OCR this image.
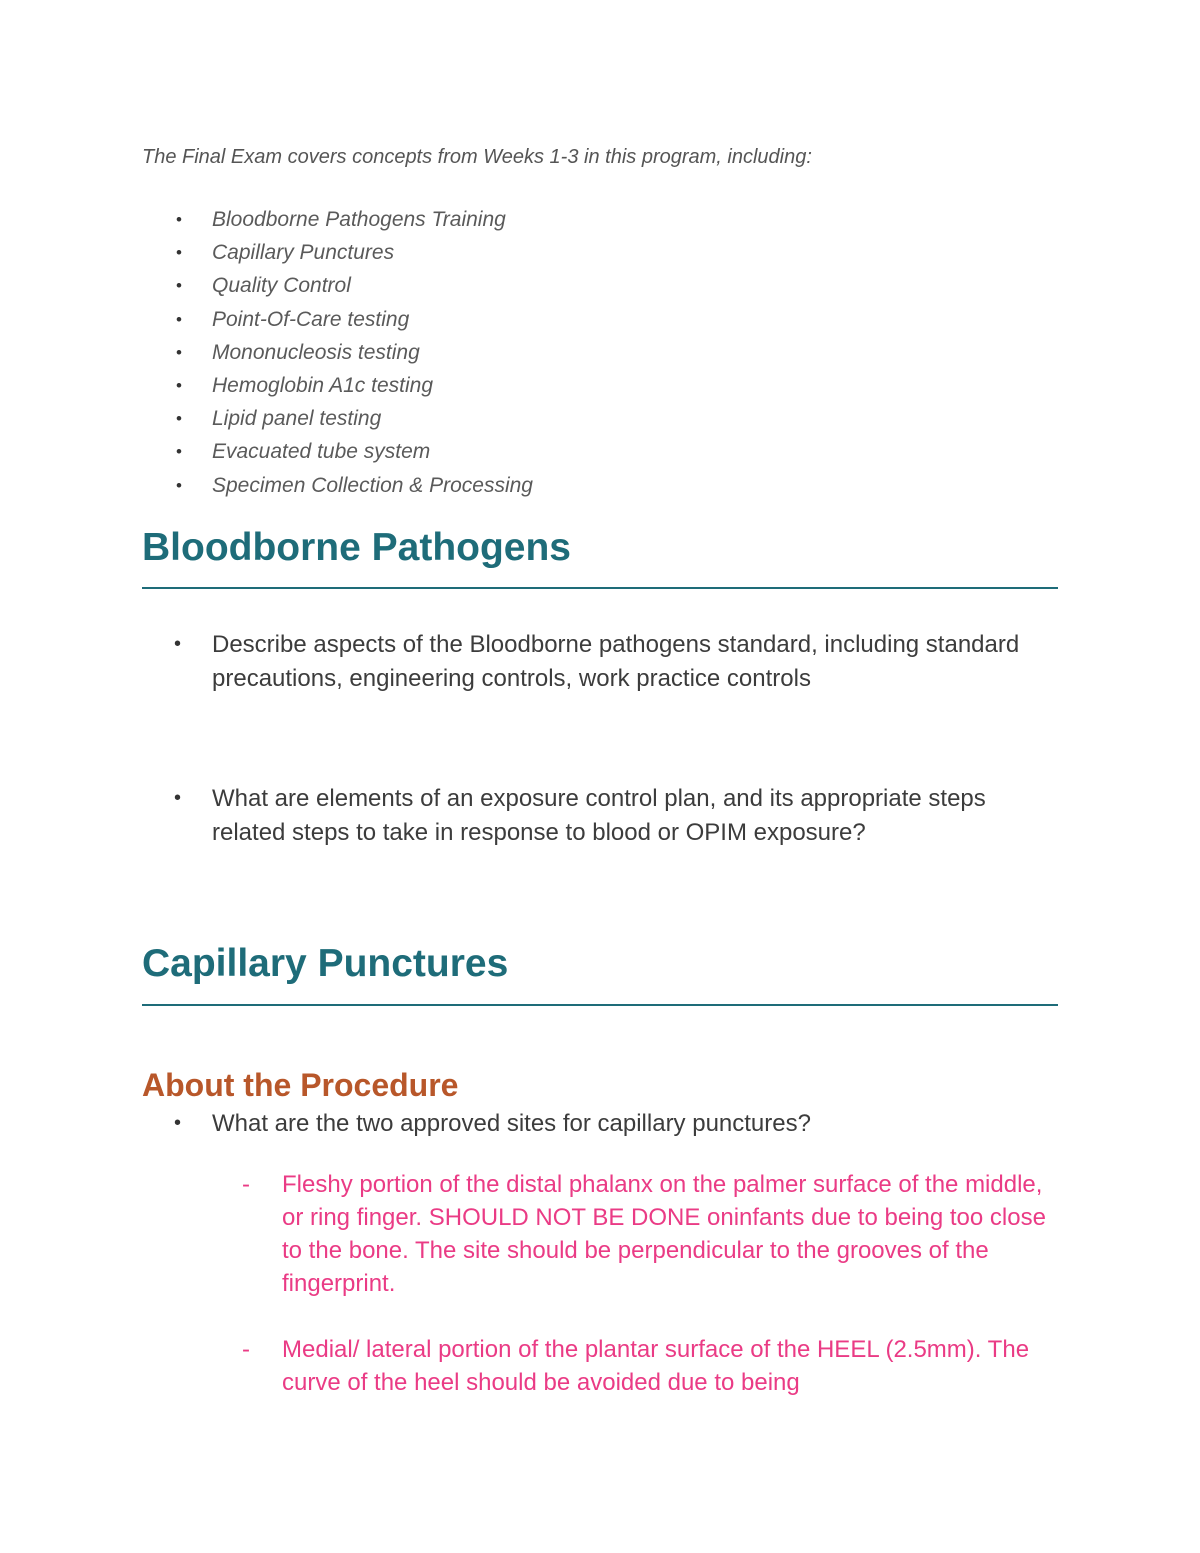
The Final Exam covers concepts from Weeks 1-3 in this program, including:

• Bloodborne Pathogens Training
• Capillary Punctures
• Quality Control
• Point-Of-Care testing
• Mononucleosis testing
• Hemoglobin A1c testing
• Lipid panel testing
• Evacuated tube system
• Specimen Collection & Processing
Bloodborne Pathogens
• Describe aspects of the Bloodborne pathogens standard, including standard precautions, engineering controls, work practice controls
• What are elements of an exposure control plan, and its appropriate steps related steps to take in response to blood or OPIM exposure?
Capillary Punctures
About the Procedure
• What are the two approved sites for capillary punctures?
- Fleshy portion of the distal phalanx on the palmer surface of the middle, or ring finger. SHOULD NOT BE DONE oninfants due to being too close to the bone. The site should be perpendicular to the grooves of the fingerprint.
- Medial/ lateral portion of the plantar surface of the HEEL (2.5mm). The curve of the heel should be avoided due to being
